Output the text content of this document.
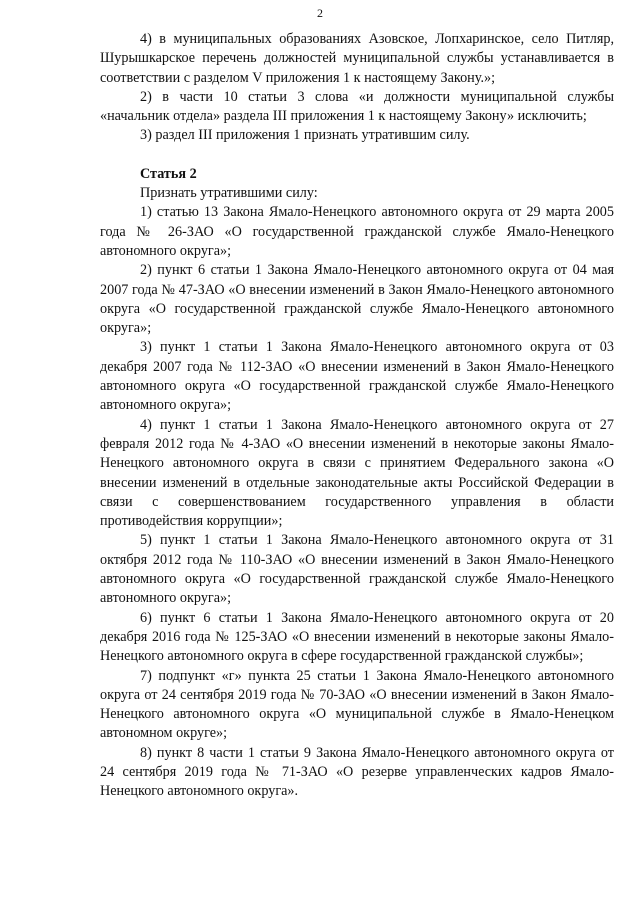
2

4) в муниципальных образованиях Азовское, Лопхаринское, село Питляр, Шурышкарское перечень должностей муниципальной службы устанавливается в соответствии с разделом V приложения 1 к настоящему Закону.»;

2) в части 10 статьи 3 слова «и должности муниципальной службы «начальник отдела» раздела III приложения 1 к настоящему Закону» исключить;

3) раздел III приложения 1 признать утратившим силу.

Статья 2

Признать утратившими силу:

1) статью 13 Закона Ямало-Ненецкого автономного округа от 29 марта 2005 года № 26-ЗАО «О государственной гражданской службе Ямало-Ненецкого автономного округа»;

2) пункт 6 статьи 1 Закона Ямало-Ненецкого автономного округа от 04 мая 2007 года № 47-ЗАО «О внесении изменений в Закон Ямало-Ненецкого автономного округа «О государственной гражданской службе Ямало-Ненецкого автономного округа»;

3) пункт 1 статьи 1 Закона Ямало-Ненецкого автономного округа от 03 декабря 2007 года № 112-ЗАО «О внесении изменений в Закон Ямало-Ненецкого автономного округа «О государственной гражданской службе Ямало-Ненецкого автономного округа»;

4) пункт 1 статьи 1 Закона Ямало-Ненецкого автономного округа от 27 февраля 2012 года № 4-ЗАО «О внесении изменений в некоторые законы Ямало-Ненецкого автономного округа в связи с принятием Федерального закона «О внесении изменений в отдельные законодательные акты Российской Федерации в связи с совершенствованием государственного управления в области противодействия коррупции»;

5) пункт 1 статьи 1 Закона Ямало-Ненецкого автономного округа от 31 октября 2012 года № 110-ЗАО «О внесении изменений в Закон Ямало-Ненецкого автономного округа «О государственной гражданской службе Ямало-Ненецкого автономного округа»;

6) пункт 6 статьи 1 Закона Ямало-Ненецкого автономного округа от 20 декабря 2016 года № 125-ЗАО «О внесении изменений в некоторые законы Ямало-Ненецкого автономного округа в сфере государственной гражданской службы»;

7) подпункт «г» пункта 25 статьи 1 Закона Ямало-Ненецкого автономного округа от 24 сентября 2019 года № 70-ЗАО «О внесении изменений в Закон Ямало-Ненецкого автономного округа «О муниципальной службе в Ямало-Ненецком автономном округе»;

8) пункт 8 части 1 статьи 9 Закона Ямало-Ненецкого автономного округа от 24 сентября 2019 года № 71-ЗАО «О резерве управленческих кадров Ямало-Ненецкого автономного округа».
